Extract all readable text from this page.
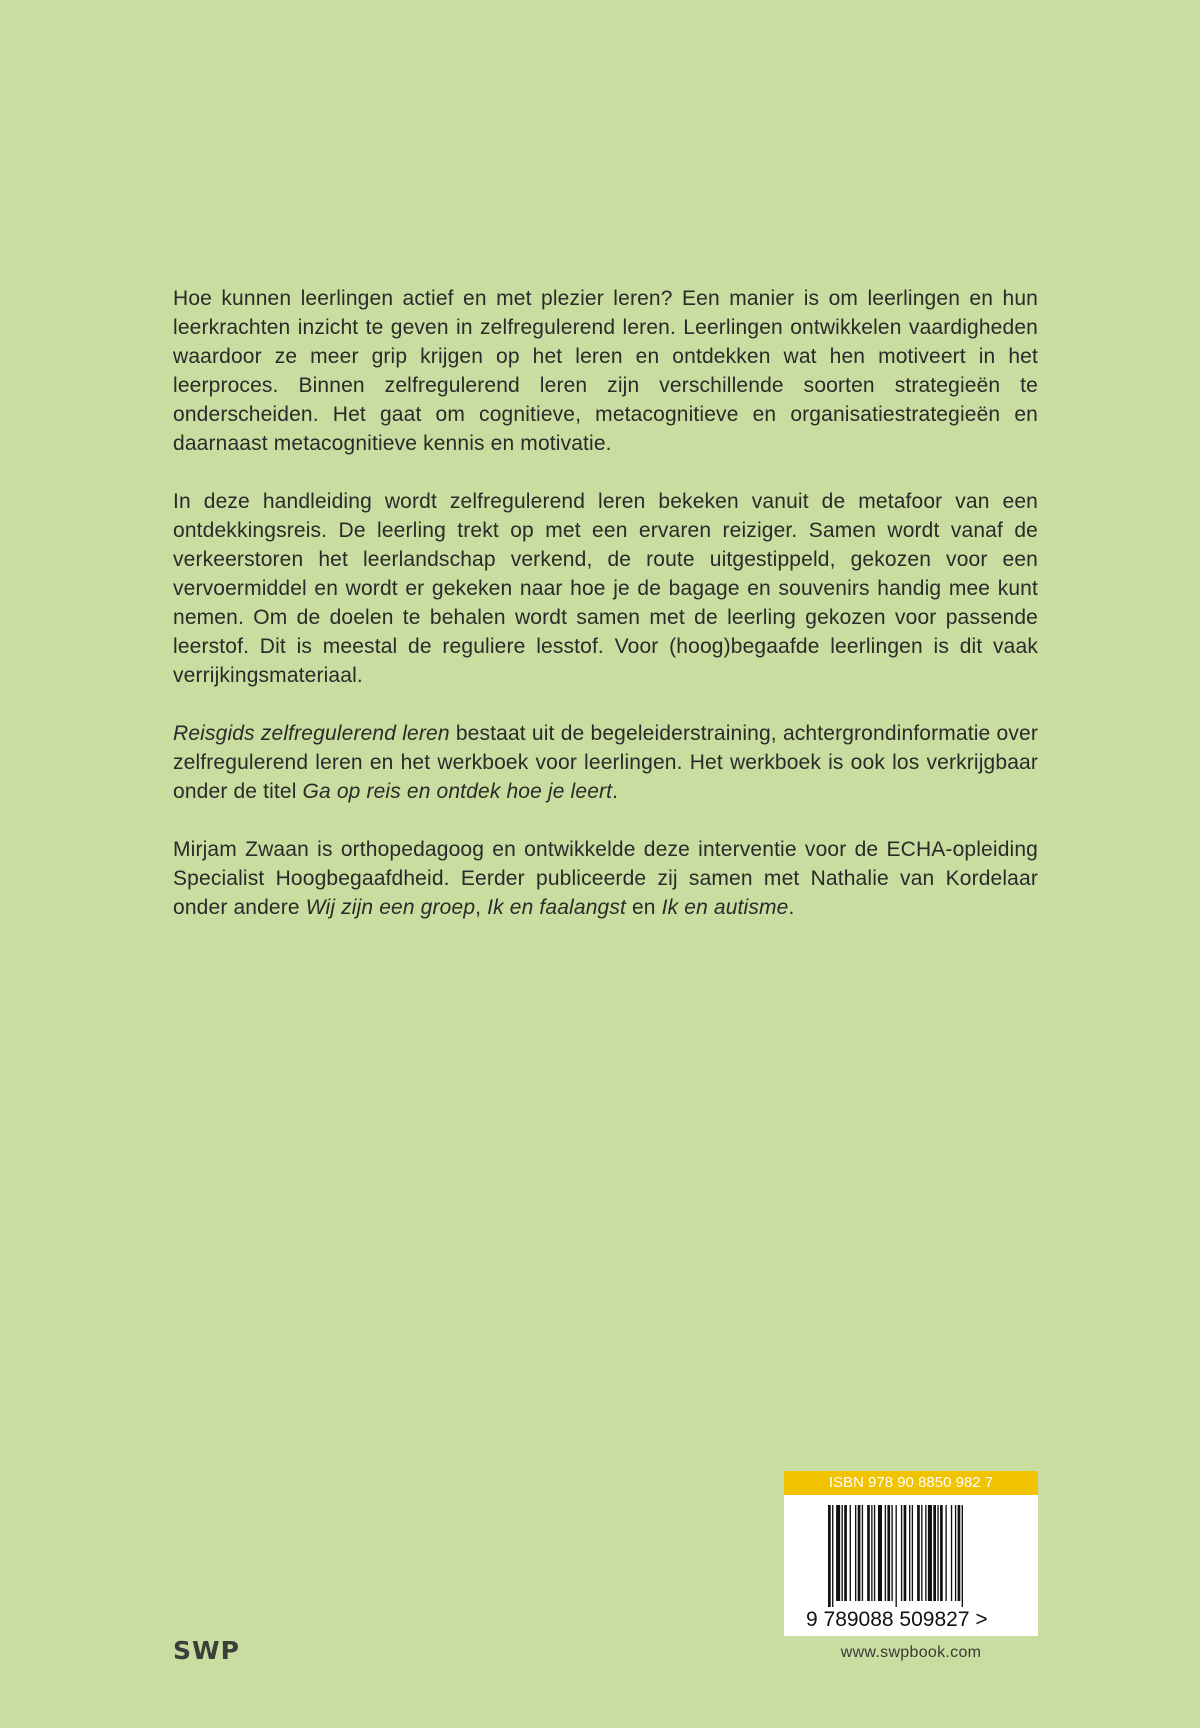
Hoe kunnen leerlingen actief en met plezier leren? Een manier is om leerlingen en hun leerkrachten inzicht te geven in zelfregulerend leren. Leerlingen ontwikkelen vaardigheden waardoor ze meer grip krijgen op het leren en ontdekken wat hen motiveert in het leerproces. Binnen zelfregulerend leren zijn verschillende soorten strategieën te onderscheiden. Het gaat om cognitieve, metacognitieve en organisatiestrategieën en daarnaast metacognitieve kennis en motivatie.

In deze handleiding wordt zelfregulerend leren bekeken vanuit de metafoor van een ontdekkingsreis. De leerling trekt op met een ervaren reiziger. Samen wordt vanaf de verkeerstoren het leerlandschap verkend, de route uitgestippeld, gekozen voor een vervoermiddel en wordt er gekeken naar hoe je de bagage en souvenirs handig mee kunt nemen. Om de doelen te behalen wordt samen met de leerling gekozen voor passende leerstof. Dit is meestal de reguliere lesstof. Voor (hoog)begaafde leerlingen is dit vaak verrijkingsmateriaal.

Reisgids zelfregulerend leren bestaat uit de begeleiderstraining, achtergrondinformatie over zelfregulerend leren en het werkboek voor leerlingen. Het werkboek is ook los verkrijgbaar onder de titel Ga op reis en ontdek hoe je leert.

Mirjam Zwaan is orthopedagoog en ontwikkelde deze interventie voor de ECHA-opleiding Specialist Hoogbegaafdheid. Eerder publiceerde zij samen met Nathalie van Kordelaar onder andere Wij zijn een groep, Ik en faalangst en Ik en autisme.

SWP
ISBN 978 90 8850 982 7
9 789088 509827 >
www.swpbook.com
